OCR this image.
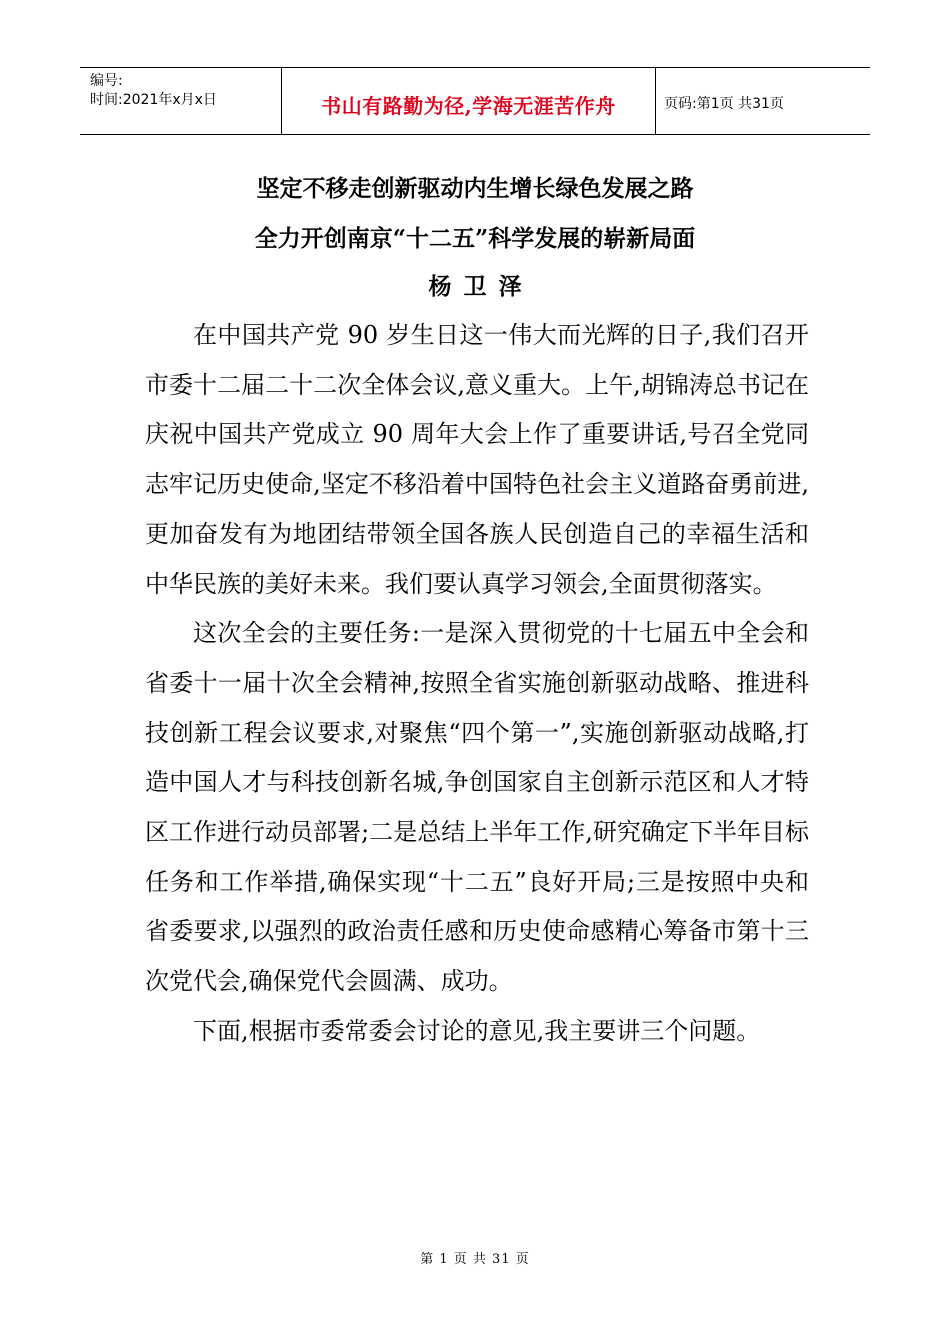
编号:
时间:2021年x月x日	书山有路勤为径,学海无涯苦作舟	页码:第1页 共31页
坚定不移走创新驱动内生增长绿色发展之路
全力开创南京“十二五”科学发展的崭新局面
杨卫泽

在中国共产党 90 岁生日这一伟大而光辉的日子,我们召开市委十二届二十二次全体会议,意义重大。上午,胡锦涛总书记在庆祝中国共产党成立 90 周年大会上作了重要讲话,号召全党同志牢记历史使命,坚定不移沿着中国特色社会主义道路奋勇前进,更加奋发有为地团结带领全国各族人民创造自己的幸福生活和中华民族的美好未来。我们要认真学习领会,全面贯彻落实。

这次全会的主要任务:一是深入贯彻党的十七届五中全会和省委十一届十次全会精神,按照全省实施创新驱动战略、推进科技创新工程会议要求,对聚焦“四个第一”,实施创新驱动战略,打造中国人才与科技创新名城,争创国家自主创新示范区和人才特区工作进行动员部署;二是总结上半年工作,研究确定下半年目标任务和工作举措,确保实现“十二五”良好开局;三是按照中央和省委要求,以强烈的政治责任感和历史使命感精心筹备市第十三次党代会,确保党代会圆满、成功。

下面,根据市委常委会讨论的意见,我主要讲三个问题。

第 1 页 共 31 页
